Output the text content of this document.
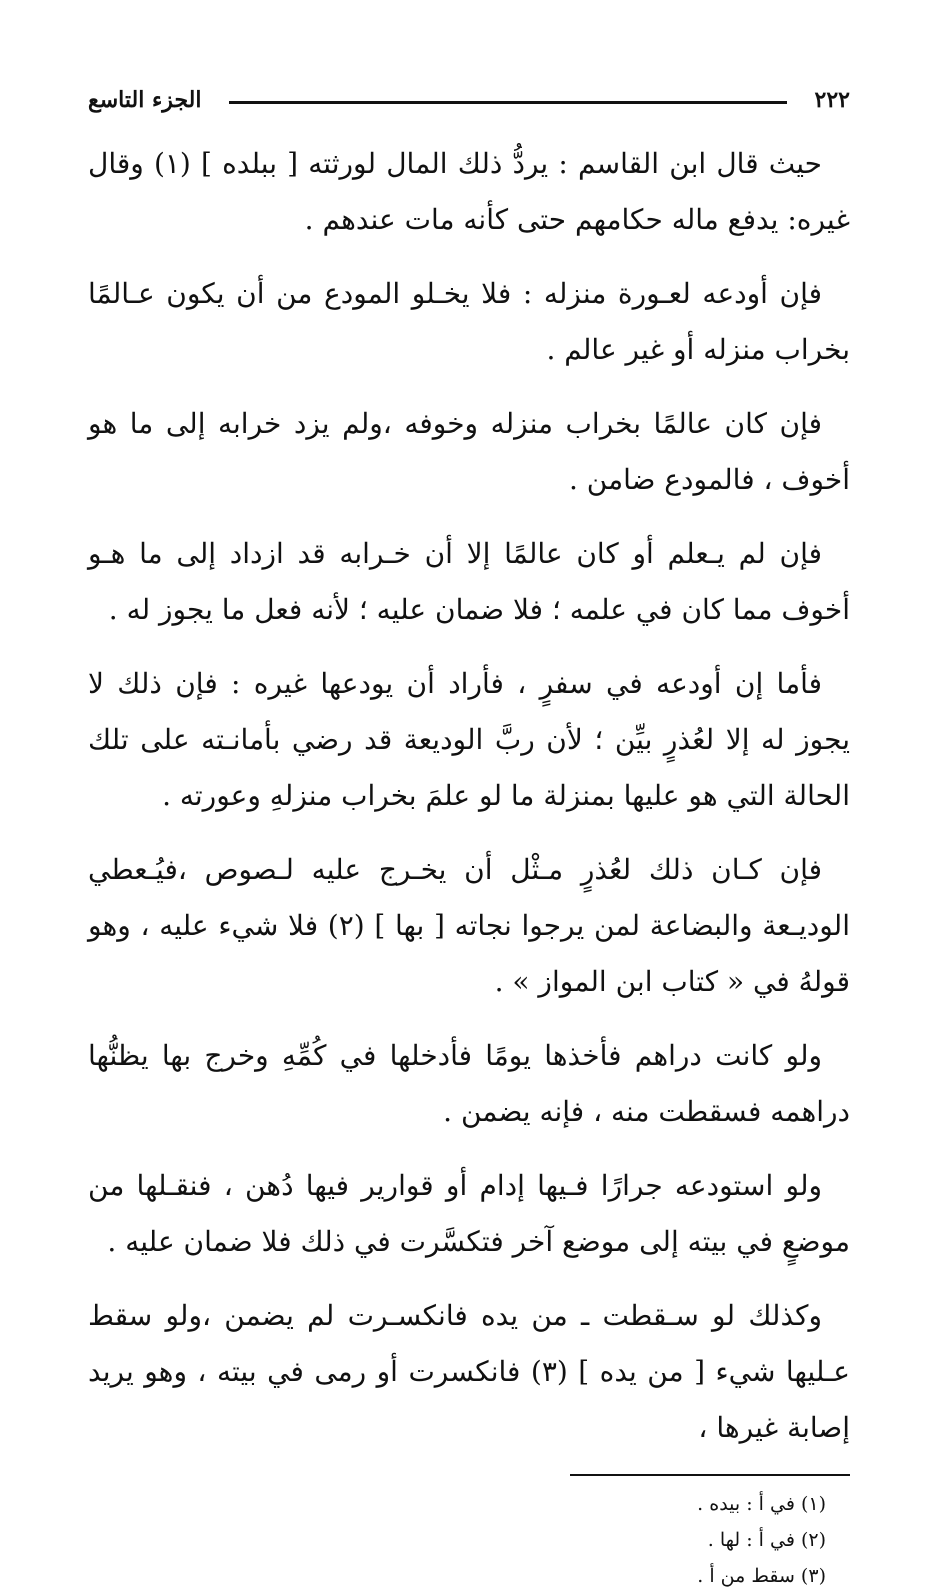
٢٢٢
الجزء التاسع

حيث قال ابن القاسم : يردُّ ذلك المال لورثته [ ببلده ] (١) وقال غيره: يدفع ماله حكامهم حتى كأنه مات عندهم .

فإن أودعه لعـورة منزله : فلا يخـلو المودع من أن يكون عـالمًا بخراب منزله أو غير عالم .

فإن كان عالمًا بخراب منزله وخوفه ،ولم يزد خرابه إلى ما هو أخوف ، فالمودع ضامن .

فإن لم يـعلم أو كان عالمًا إلا أن خـرابه قد ازداد إلى ما هـو أخوف مما كان في علمه ؛ فلا ضمان عليه ؛ لأنه فعل ما يجوز له .

فأما إن أودعه في سفرٍ ، فأراد أن يودعها غيره : فإن ذلك لا يجوز له إلا لعُذرٍ بيِّن ؛ لأن ربَّ الوديعة قد رضي بأمانـته على تلك الحالة التي هو عليها بمنزلة ما لو علمَ بخراب منزلهِ وعورته .

فإن كـان ذلك لعُذرٍ مـثْل أن يخـرج عليه لـصوص ،فيُـعطي الوديـعة والبضاعة لمن يرجوا نجاته [ بها ] (٢) فلا شيء عليه ، وهو قولهُ في « كتاب ابن المواز » .

ولو كانت دراهم فأخذها يومًا فأدخلها في كُمِّهِ وخرج بها يظنُّها دراهمه فسقطت منه ، فإنه يضمن .

ولو استودعه جرارًا فـيها إدام أو قوارير فيها دُهن ، فنقـلها من موضعٍ في بيته إلى موضع آخر فتكسَّرت في ذلك فلا ضمان عليه .

وكذلك لو سـقطت ـ من يده فانكسـرت لم يضمن ،ولو سقط عـليها شيء [ من يده ] (٣) فانكسرت أو رمى في بيته ، وهو يريد إصابة غيرها ،

(١) في أ : بيده .

(٢) في أ : لها .

(٣) سقط من أ .
